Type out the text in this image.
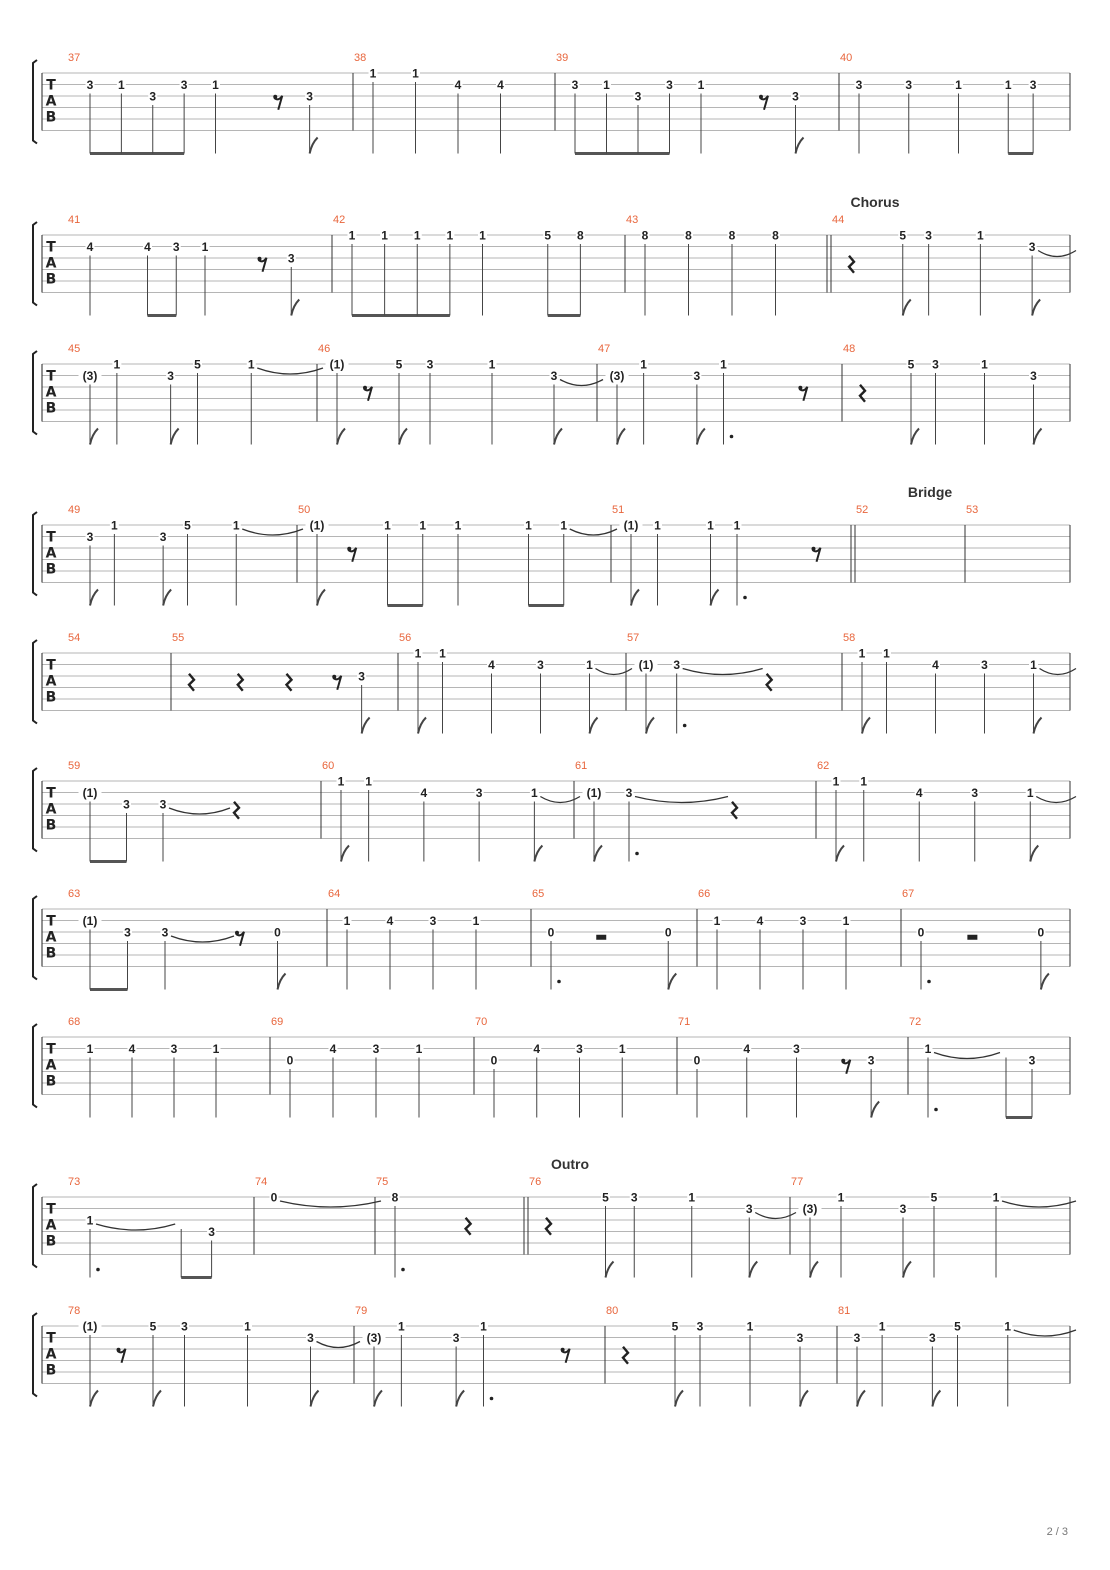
T
A
B
37
3 1
3
3 1
3
38
1	1
4	4
39
3 1
3
3 1
3
40
3	3	1	1 3
Chorus
T
A
B
41
4	4 3 1
3
42
1 1 1 1 1	5 8
43
8	8	8	8
44
5 3	1
3
T
A
B
45
(3)
1
3
5	1
46
(1)	5 3	1
3
47
(3)
1
3
1
48
5 3	1
3
Bridge
T
A
B
49
3
1
3
5	1
50
(1)	1 1 1	1 1
51
(1) 1	1 1
52	53
T
A
B
54	55
3
56
1 1
4	3	1
57
(1) 3
58
1 1
4	3	1
T
A
B
59
(1)
3 3
60
1 1
4	3	1
61
(1) 3
62
1 1
4	3	1
T
A
B
63
(1)
3	3	0
64
1	4	3	1
65
0	0
66
1	4	3	1
67
0	0
T
A
B
68
1	4	3	1
69
0
4	3	1
70
0
4	3	1
71
0
4	3
3
72
1
3
Outro
T
A
B
73
1
3
74
0
75
8
76
5 3	1
3
77
(3)
1
3
5	1
T
A
B
78
(1)	5 3	1
3
79
(3)
1
3
1
80
5 3	1
3
81
3
1
3
5	1
2 / 3
